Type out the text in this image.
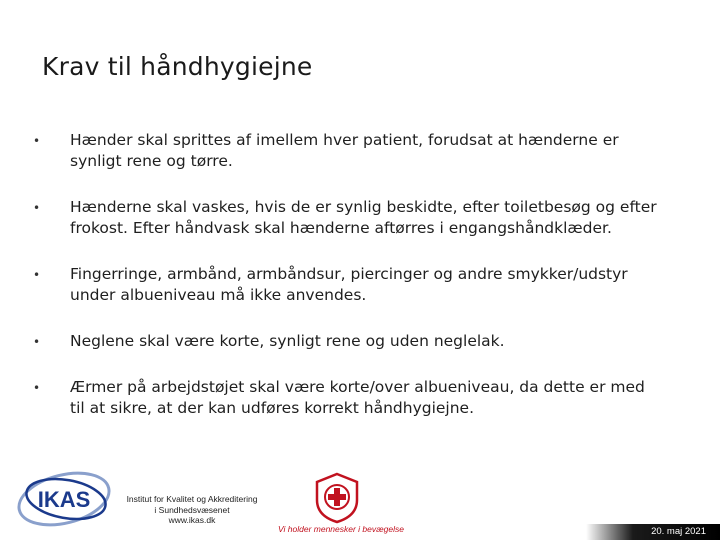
Krav til håndhygiejne
• Hænder skal sprittes af imellem hver patient, forudsat at hænderne er
synligt rene og tørre.
• Hænderne skal vaskes, hvis de er synlig beskidte, efter toiletbesøg og efter
frokost. Efter håndvask skal hænderne aftørres i engangshåndklæder.
• Fingerringe, armbånd, armbåndsur, piercinger og andre smykker/udstyr
under albueniveau må ikke anvendes.
• Neglene skal være korte, synligt rene og uden neglelak.
• Ærmer på arbejdstøjet skal være korte/over albueniveau, da dette er med
til at sikre, at der kan udføres korrekt håndhygiejne.
IKAS	Institut for Kvalitet og Akkreditering
i Sundhedsvæsenet
www.ikas.dk
Vi holder mennesker i bevægelse	20. maj 2021
